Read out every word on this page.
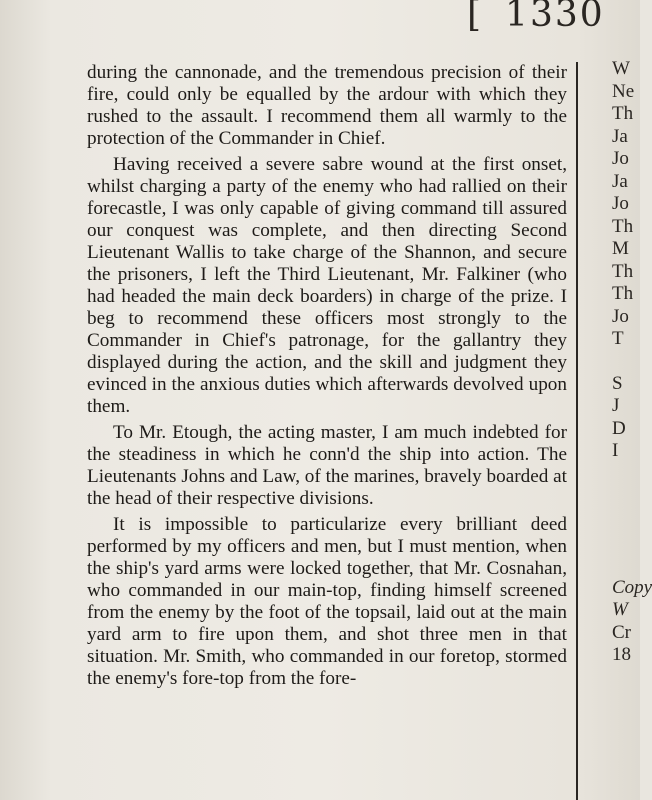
[ 1330

during the cannonade, and the tremendous precision of their fire, could only be equalled by the ardour with which they rushed to the assault. I recommend them all warmly to the protection of the Commander in Chief.

Having received a severe sabre wound at the first onset, whilst charging a party of the enemy who had rallied on their forecastle, I was only capable of giving command till assured our conquest was complete, and then directing Second Lieutenant Wallis to take charge of the Shannon, and secure the prisoners, I left the Third Lieutenant, Mr. Falkiner (who had headed the main deck boarders) in charge of the prize. I beg to recommend these officers most strongly to the Commander in Chief's patronage, for the gallantry they displayed during the action, and the skill and judgment they evinced in the anxious duties which afterwards devolved upon them.

To Mr. Etough, the acting master, I am much indebted for the steadiness in which he conn'd the ship into action. The Lieutenants Johns and Law, of the marines, bravely boarded at the head of their respective divisions.

It is impossible to particularize every brilliant deed performed by my officers and men, but I must mention, when the ship's yard arms were locked together, that Mr. Cosnahan, who commanded in our main-top, finding himself screened from the enemy by the foot of the topsail, laid out at the main yard arm to fire upon them, and shot three men in that situation. Mr. Smith, who commanded in our foretop, stormed the enemy's fore-top from the fore-

W
Ne
Th
Ja
Jo
Ja
Jo
Th
M
Th
Th
Jo
T
S
J
D
I
Copy
W
Cr
18
